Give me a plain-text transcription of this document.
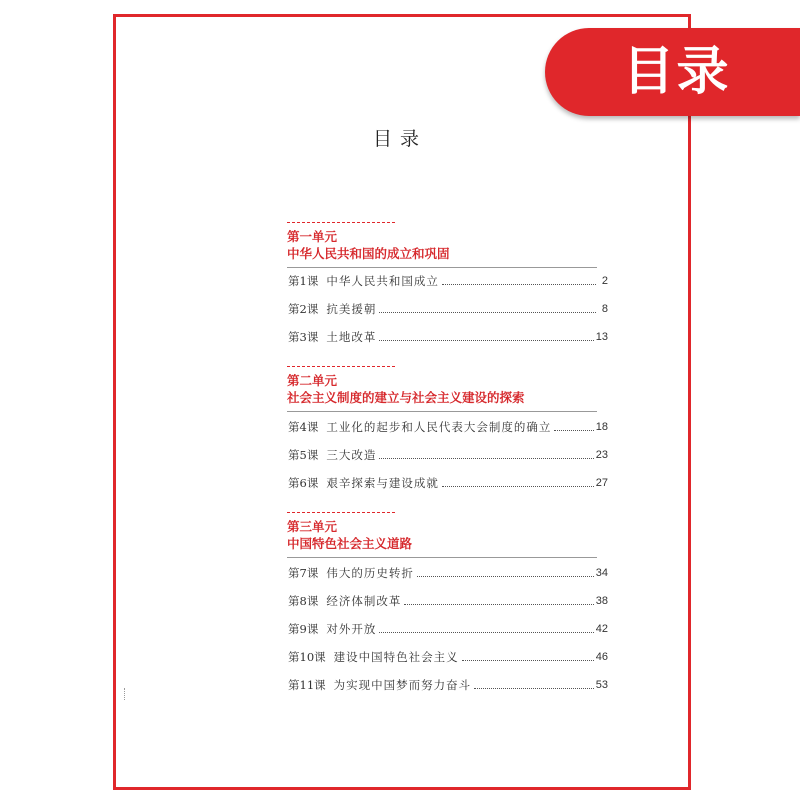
目录
目录
第一单元
中华人民共和国的成立和巩固
第1课 中华人民共和国成立	2
第2课 抗美援朝	8
第3课 土地改革	13
第二单元
社会主义制度的建立与社会主义建设的探索
第4课 工业化的起步和人民代表大会制度的确立	18
第5课 三大改造	23
第6课 艰辛探索与建设成就	27
第三单元
中国特色社会主义道路
第7课 伟大的历史转折	34
第8课 经济体制改革	38
第9课 对外开放	42
第10课 建设中国特色社会主义	46
第11课 为实现中国梦而努力奋斗	53
